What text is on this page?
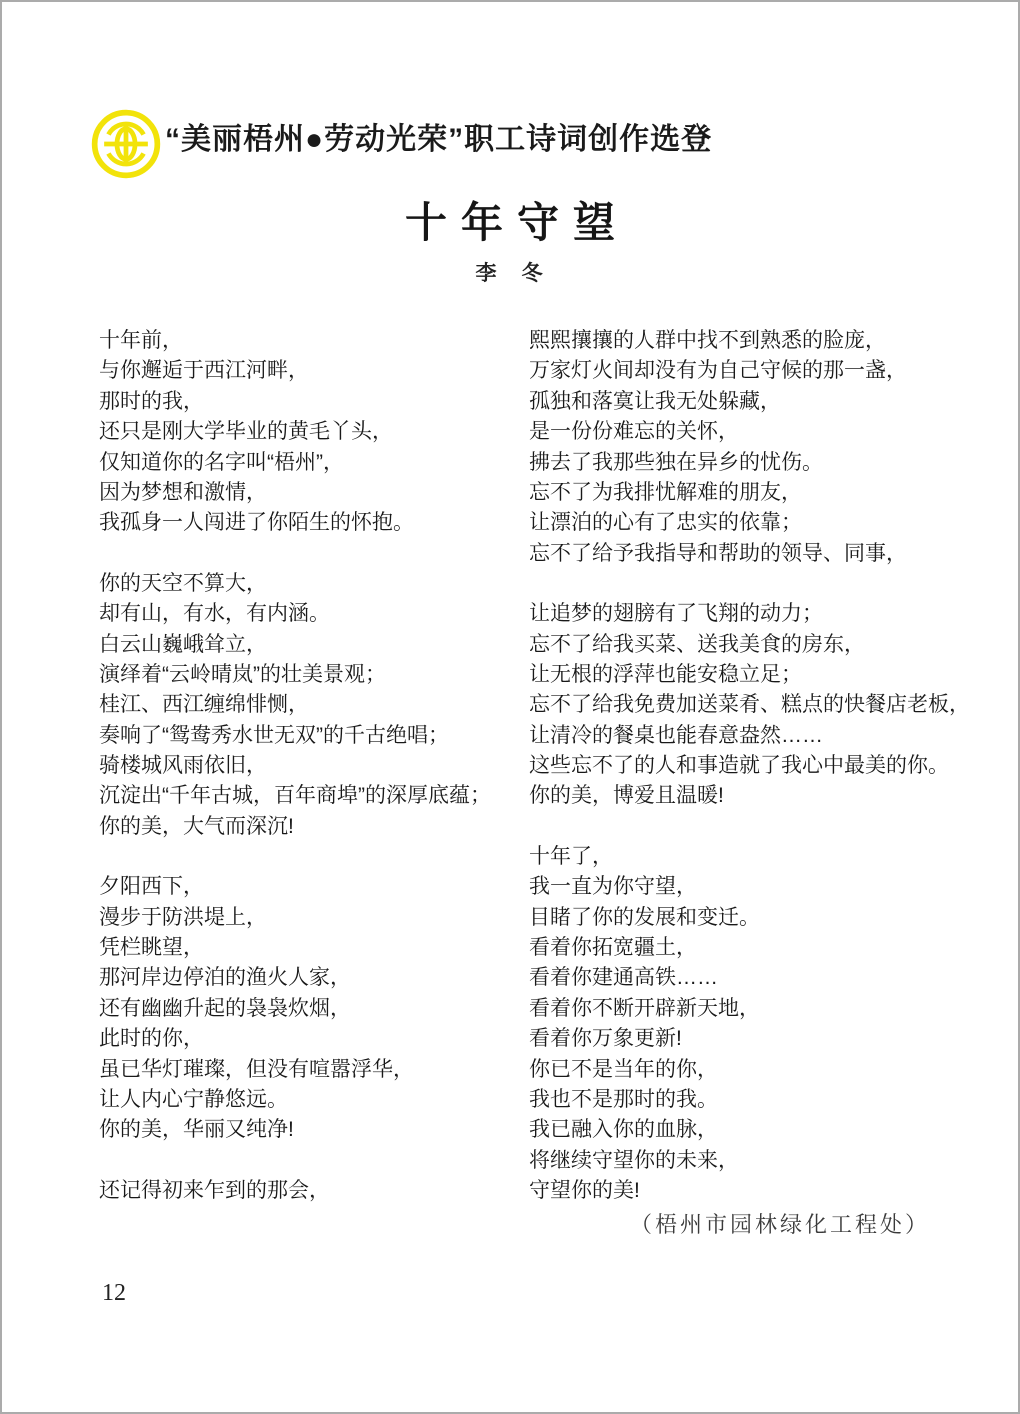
“美丽梧州●劳动光荣”职工诗词创作选登
十年守望
李　冬
十年前，
与你邂逅于西江河畔，
那时的我，
还只是刚大学毕业的黄毛丫头，
仅知道你的名字叫“梧州”，
因为梦想和激情，
我孤身一人闯进了你陌生的怀抱。
你的天空不算大，
却有山，有水，有内涵。
白云山巍峨耸立，
演绎着“云岭晴岚”的壮美景观；
桂江、西江缠绵悱恻，
奏响了“鸳鸯秀水世无双”的千古绝唱；
骑楼城风雨依旧，
沉淀出“千年古城，百年商埠”的深厚底蕴；
你的美，大气而深沉!
夕阳西下，
漫步于防洪堤上，
凭栏眺望，
那河岸边停泊的渔火人家，
还有幽幽升起的袅袅炊烟，
此时的你，
虽已华灯璀璨，但没有喧嚣浮华，
让人内心宁静悠远。
你的美，华丽又纯净!
还记得初来乍到的那会，
熙熙攘攘的人群中找不到熟悉的脸庞，
万家灯火间却没有为自己守候的那一盏，
孤独和落寞让我无处躲藏，
是一份份难忘的关怀，
拂去了我那些独在异乡的忧伤。
忘不了为我排忧解难的朋友，
让漂泊的心有了忠实的依靠；
忘不了给予我指导和帮助的领导、同事，
让追梦的翅膀有了飞翔的动力；
忘不了给我买菜、送我美食的房东，
让无根的浮萍也能安稳立足；
忘不了给我免费加送菜肴、糕点的快餐店老板，
让清冷的餐桌也能春意盎然……
这些忘不了的人和事造就了我心中最美的你。
你的美，博爱且温暖!
十年了，
我一直为你守望，
目睹了你的发展和变迁。
看着你拓宽疆土，
看着你建通高铁……
看着你不断开辟新天地，
看着你万象更新!
你已不是当年的你，
我也不是那时的我。
我已融入你的血脉，
将继续守望你的未来，
守望你的美!
（梧州市园林绿化工程处）
12
